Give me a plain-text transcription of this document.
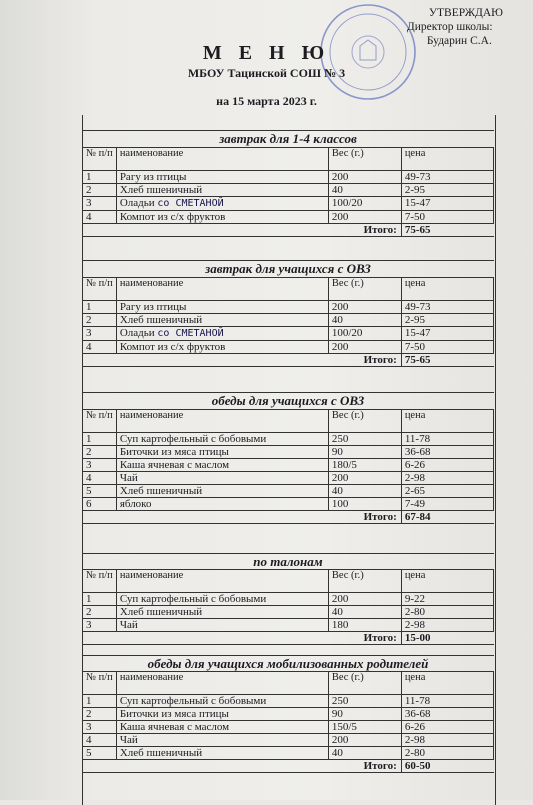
УТВЕРЖДАЮ
Директор школы:
Бударин С.А.
М Е Н Ю
МБОУ Тацинской СОШ № 3
на 15 марта 2023 г.
завтрак для 1-4 классов
№ п/п	наименование	Вес (г.)	цена
1	Рагу из птицы	200	49-73
2	Хлеб пшеничный	40	2-95
3	Оладьи со СМЕТАНОЙ	100/20	15-47
4	Компот из с/х фруктов	200	7-50
Итого:			75-65
завтрак для учащихся с ОВЗ
№ п/п	наименование	Вес (г.)	цена
1	Рагу из птицы	200	49-73
2	Хлеб пшеничный	40	2-95
3	Оладьи со СМЕТАНОЙ	100/20	15-47
4	Компот из с/х фруктов	200	7-50
Итого:			75-65
обеды для учащихся с ОВЗ
№ п/п	наименование	Вес (г.)	цена
1	Суп картофельный с бобовыми	250	11-78
2	Биточки из мяса птицы	90	36-68
3	Каша ячневая с маслом	180/5	6-26
4	Чай	200	2-98
5	Хлеб пшеничный	40	2-65
6	яблоко	100	7-49
Итого:			67-84
по талонам
№ п/п	наименование	Вес (г.)	цена
1	Суп картофельный с бобовыми	200	9-22
2	Хлеб пшеничный	40	2-80
3	Чай	180	2-98
Итого:			15-00
обеды для учащихся мобилизованных родителей
№ п/п	наименование	Вес (г.)	цена
1	Суп картофельный с бобовыми	250	11-78
2	Биточки из мяса птицы	90	36-68
3	Каша ячневая с маслом	150/5	6-26
4	Чай	200	2-98
5	Хлеб пшеничный	40	2-80
Итого:			60-50
